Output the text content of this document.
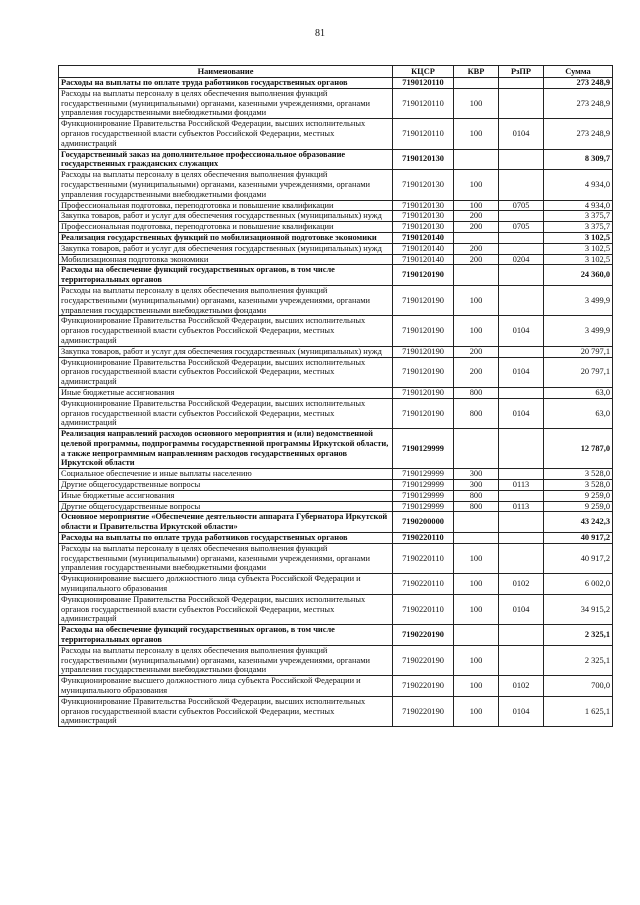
81
Наименование	КЦСР	КВР	РзПР	Сумма
Расходы на выплаты по оплате труда работников государственных органов	7190120110			273 248,9
Расходы на выплаты персоналу в целях обеспечения выполнения функций государственными (муниципальными) органами, казенными учреждениями, органами управления государственными внебюджетными фондами	7190120110	100		273 248,9
Функционирование Правительства Российской Федерации, высших исполнительных органов государственной власти субъектов Российской Федерации, местных администраций	7190120110	100	0104	273 248,9
Государственный заказ на дополнительное профессиональное образование государственных гражданских служащих	7190120130			8 309,7
Расходы на выплаты персоналу в целях обеспечения выполнения функций государственными (муниципальными) органами, казенными учреждениями, органами управления государственными внебюджетными фондами	7190120130	100		4 934,0
Профессиональная подготовка, переподготовка и повышение квалификации	7190120130	100	0705	4 934,0
Закупка товаров, работ и услуг для обеспечения государственных (муниципальных) нужд	7190120130	200		3 375,7
Профессиональная подготовка, переподготовка и повышение квалификации	7190120130	200	0705	3 375,7
Реализация государственных функций по мобилизационной подготовке экономики	7190120140			3 102,5
Закупка товаров, работ и услуг для обеспечения государственных (муниципальных) нужд	7190120140	200		3 102,5
Мобилизационная подготовка экономики	7190120140	200	0204	3 102,5
Расходы на обеспечение функций государственных органов, в том числе территориальных органов	7190120190			24 360,0
Расходы на выплаты персоналу в целях обеспечения выполнения функций государственными (муниципальными) органами, казенными учреждениями, органами управления государственными внебюджетными фондами	7190120190	100		3 499,9
Функционирование Правительства Российской Федерации, высших исполнительных органов государственной власти субъектов Российской Федерации, местных администраций	7190120190	100	0104	3 499,9
Закупка товаров, работ и услуг для обеспечения государственных (муниципальных) нужд	7190120190	200		20 797,1
Функционирование Правительства Российской Федерации, высших исполнительных органов государственной власти субъектов Российской Федерации, местных администраций	7190120190	200	0104	20 797,1
Иные бюджетные ассигнования	7190120190	800		63,0
Функционирование Правительства Российской Федерации, высших исполнительных органов государственной власти субъектов Российской Федерации, местных администраций	7190120190	800	0104	63,0
Реализация направлений расходов основного мероприятия и (или) ведомственной целевой программы, подпрограммы государственной программы Иркутской области, а также непрограммным направлениям расходов государственных органов Иркутской области	7190129999			12 787,0
Социальное обеспечение и иные выплаты населению	7190129999	300		3 528,0
Другие общегосударственные вопросы	7190129999	300	0113	3 528,0
Иные бюджетные ассигнования	7190129999	800		9 259,0
Другие общегосударственные вопросы	7190129999	800	0113	9 259,0
Основное мероприятие «Обеспечение деятельности аппарата Губернатора Иркутской области и Правительства Иркутской области»	7190200000			43 242,3
Расходы на выплаты по оплате труда работников государственных органов	7190220110			40 917,2
Расходы на выплаты персоналу в целях обеспечения выполнения функций государственными (муниципальными) органами, казенными учреждениями, органами управления государственными внебюджетными фондами	7190220110	100		40 917,2
Функционирование высшего должностного лица субъекта Российской Федерации и муниципального образования	7190220110	100	0102	6 002,0
Функционирование Правительства Российской Федерации, высших исполнительных органов государственной власти субъектов Российской Федерации, местных администраций	7190220110	100	0104	34 915,2
Расходы на обеспечение функций государственных органов, в том числе территориальных органов	7190220190			2 325,1
Расходы на выплаты персоналу в целях обеспечения выполнения функций государственными (муниципальными) органами, казенными учреждениями, органами управления государственными внебюджетными фондами	7190220190	100		2 325,1
Функционирование высшего должностного лица субъекта Российской Федерации и муниципального образования	7190220190	100	0102	700,0
Функционирование Правительства Российской Федерации, высших исполнительных органов государственной власти субъектов Российской Федерации, местных администраций	7190220190	100	0104	1 625,1
